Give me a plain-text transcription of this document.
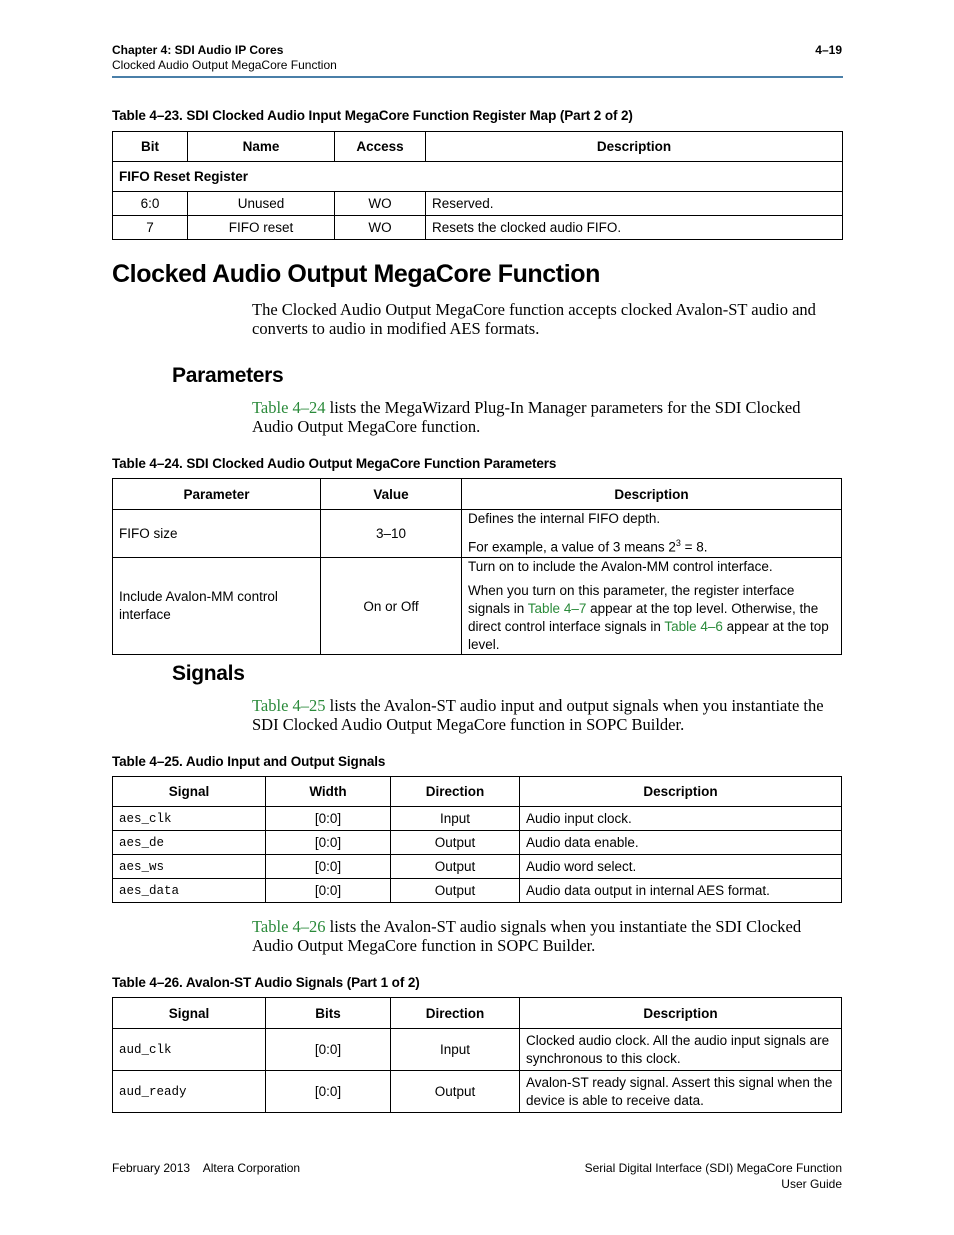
Chapter 4: SDI Audio IP Cores
Clocked Audio Output MegaCore Function
4–19
Table 4–23. SDI Clocked Audio Input MegaCore Function Register Map (Part 2 of 2)
Bit	Name	Access	Description
FIFO Reset Register			
6:0	Unused	WO	Reserved.
7	FIFO reset	WO	Resets the clocked audio FIFO.
Clocked Audio Output MegaCore Function
The Clocked Audio Output MegaCore function accepts clocked Avalon-ST audio and converts to audio in modified AES formats.
Parameters
Table 4–24 lists the MegaWizard Plug-In Manager parameters for the SDI Clocked Audio Output MegaCore function.
Table 4–24. SDI Clocked Audio Output MegaCore Function Parameters
Parameter	Value	Description
FIFO size	3–10	Defines the internal FIFO depth.

For example, a value of 3 means $2^3 = 8$.

Include Avalon-MM control interface	On or Off	Turn on to include the Avalon-MM control interface.

When you turn on this parameter, the register interface signals in Table 4–7 appear at the top level. Otherwise, the direct control interface signals in Table 4–6 appear at the top level.

Signals
Table 4–25 lists the Avalon-ST audio input and output signals when you instantiate the SDI Clocked Audio Output MegaCore function in SOPC Builder.
Table 4–25. Audio Input and Output Signals
Signal	Width	Direction	Description
aes_clk	[0:0]	Input	Audio input clock.
aes_de	[0:0]	Output	Audio data enable.
aes_ws	[0:0]	Output	Audio word select.
aes_data	[0:0]	Output	Audio data output in internal AES format.
Table 4–26 lists the Avalon-ST audio signals when you instantiate the SDI Clocked Audio Output MegaCore function in SOPC Builder.
Table 4–26. Avalon-ST Audio Signals (Part 1 of 2)
Signal	Bits	Direction	Description
aud_clk	[0:0]	Input	Clocked audio clock. All the audio input signals are synchronous to this clock.
aud_ready	[0:0]	Output	Avalon-ST ready signal. Assert this signal when the device is able to receive data.
February 2013    Altera Corporation	Serial Digital Interface (SDI) MegaCore Function
User Guide
